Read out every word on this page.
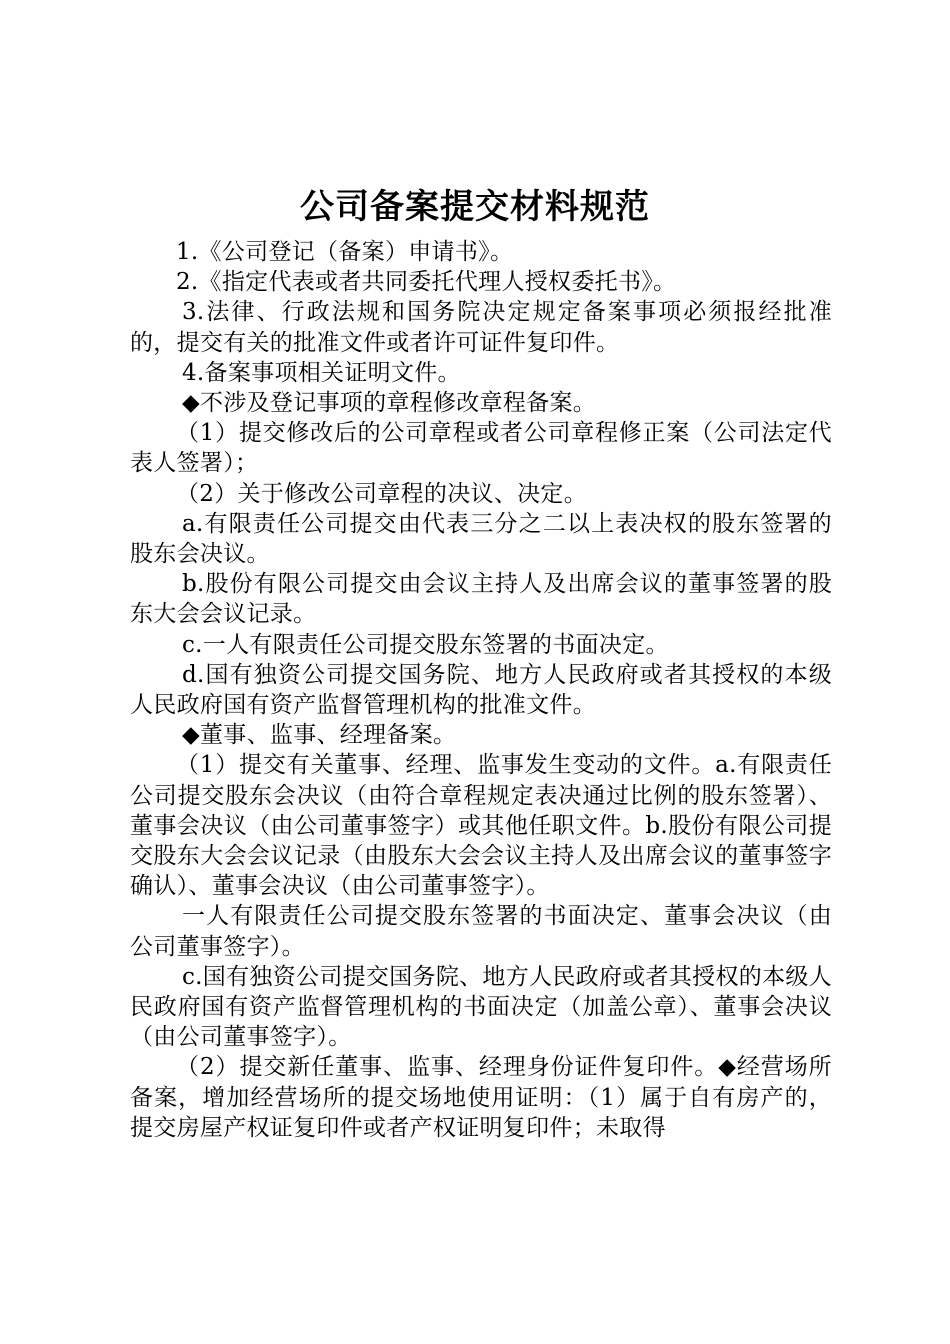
公司备案提交材料规范

1.《公司登记（备案）申请书》。

2.《指定代表或者共同委托代理人授权委托书》。

3.法律、行政法规和国务院决定规定备案事项必须报经批准的，提交有关的批准文件或者许可证件复印件。

4.备案事项相关证明文件。

◆不涉及登记事项的章程修改章程备案。

（1）提交修改后的公司章程或者公司章程修正案（公司法定代表人签署）；

（2）关于修改公司章程的决议、决定。

a.有限责任公司提交由代表三分之二以上表决权的股东签署的股东会决议。

b.股份有限公司提交由会议主持人及出席会议的董事签署的股东大会会议记录。

c.一人有限责任公司提交股东签署的书面决定。

d.国有独资公司提交国务院、地方人民政府或者其授权的本级人民政府国有资产监督管理机构的批准文件。

◆董事、监事、经理备案。

（1）提交有关董事、经理、监事发生变动的文件。a.有限责任公司提交股东会决议（由符合章程规定表决通过比例的股东签署）、董事会决议（由公司董事签字）或其他任职文件。b.股份有限公司提交股东大会会议记录（由股东大会会议主持人及出席会议的董事签字确认）、董事会决议（由公司董事签字）。

一人有限责任公司提交股东签署的书面决定、董事会决议（由公司董事签字）。

c.国有独资公司提交国务院、地方人民政府或者其授权的本级人民政府国有资产监督管理机构的书面决定（加盖公章）、董事会决议（由公司董事签字）。

（2）提交新任董事、监事、经理身份证件复印件。◆经营场所备案，增加经营场所的提交场地使用证明：（1）属于自有房产的，提交房屋产权证复印件或者产权证明复印件；未取得
